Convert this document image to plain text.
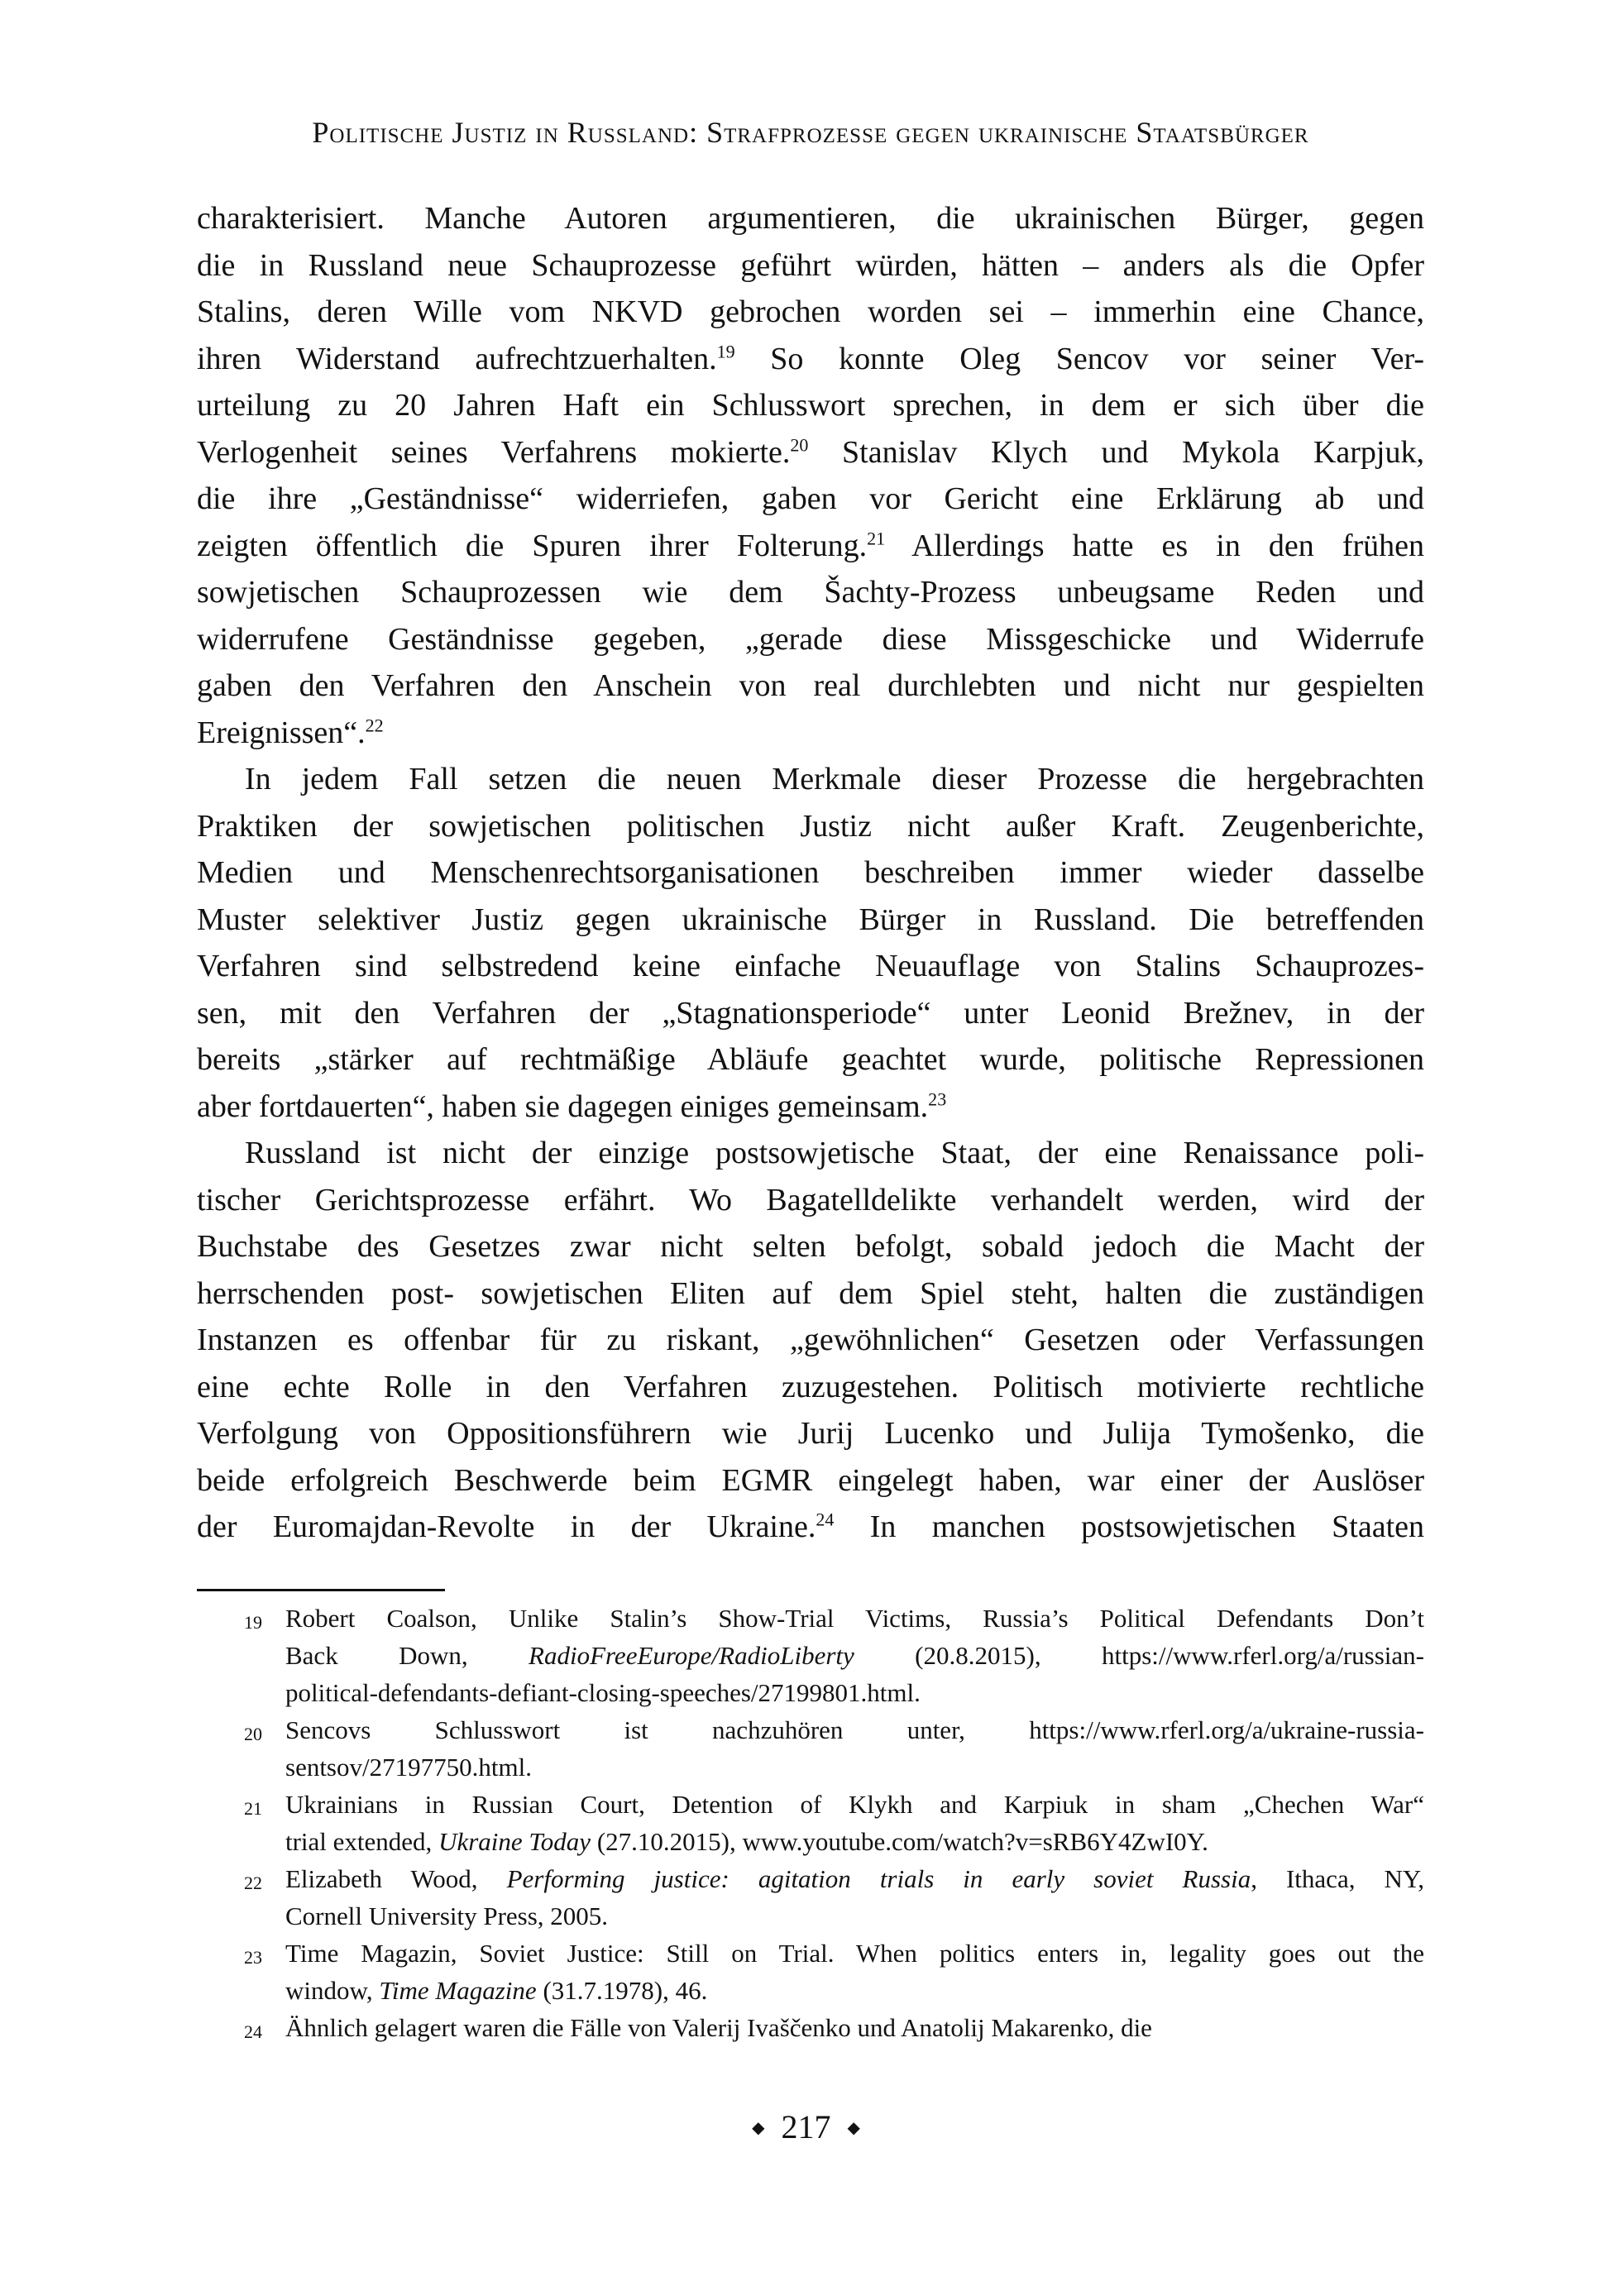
Politische Justiz in Russland: Strafprozesse gegen ukrainische Staatsbürger
charakterisiert. Manche Autoren argumentieren, die ukrainischen Bürger, gegen
die in Russland neue Schauprozesse geführt würden, hätten – anders als die Opfer
Stalins, deren Wille vom NKVD gebrochen worden sei – immerhin eine Chance,
ihren Widerstand aufrechtzuerhalten.$^{19}$ So konnte Oleg Sencov vor seiner Ver-
urteilung zu 20 Jahren Haft ein Schlusswort sprechen, in dem er sich über die
Verlogenheit seines Verfahrens mokierte.$^{20}$ Stanislav Klych und Mykola Karpjuk,
die ihre „Geständnisse“ widerriefen, gaben vor Gericht eine Erklärung ab und
zeigten öffentlich die Spuren ihrer Folterung.$^{21}$ Allerdings hatte es in den frühen
sowjetischen Schauprozessen wie dem Šachty-Prozess unbeugsame Reden und
widerrufene Geständnisse gegeben, „gerade diese Missgeschicke und Widerrufe
gaben den Verfahren den Anschein von real durchlebten und nicht nur gespielten
Ereignissen“.$^{22}$
In jedem Fall setzen die neuen Merkmale dieser Prozesse die hergebrachten
Praktiken der sowjetischen politischen Justiz nicht außer Kraft. Zeugenberichte,
Medien und Menschenrechtsorganisationen beschreiben immer wieder dasselbe
Muster selektiver Justiz gegen ukrainische Bürger in Russland. Die betreffenden
Verfahren sind selbstredend keine einfache Neuauflage von Stalins Schauprozes-
sen, mit den Verfahren der „Stagnationsperiode“ unter Leonid Brežnev, in der
bereits „stärker auf rechtmäßige Abläufe geachtet wurde, politische Repressionen
aber fortdauerten“, haben sie dagegen einiges gemeinsam.$^{23}$
Russland ist nicht der einzige postsowjetische Staat, der eine Renaissance poli-
tischer Gerichtsprozesse erfährt. Wo Bagatelldelikte verhandelt werden, wird der
Buchstabe des Gesetzes zwar nicht selten befolgt, sobald jedoch die Macht der
herrschenden post- sowjetischen Eliten auf dem Spiel steht, halten die zuständigen
Instanzen es offenbar für zu riskant, „gewöhnlichen“ Gesetzen oder Verfassungen
eine echte Rolle in den Verfahren zuzugestehen. Politisch motivierte rechtliche
Verfolgung von Oppositionsführern wie Jurij Lucenko und Julija Tymošenko, die
beide erfolgreich Beschwerde beim EGMR eingelegt haben, war einer der Auslöser
der Euromajdan-Revolte in der Ukraine.$^{24}$ In manchen postsowjetischen Staaten
19 Robert Coalson, Unlike Stalin’s Show-Trial Victims, Russia’s Political Defendants Don’t
Back Down, RadioFreeEurope/RadioLiberty (20.8.2015), https://www.rferl.org/a/russian-
political-defendants-defiant-closing-speeches/27199801.html.
20 Sencovs Schlusswort ist nachzuhören unter, https://www.rferl.org/a/ukraine-russia-
sentsov/27197750.html.
21 Ukrainians in Russian Court, Detention of Klykh and Karpiuk in sham „Chechen War“
trial extended, Ukraine Today (27.10.2015), www.youtube.com/watch?v=sRB6Y4ZwI0Y.
22 Elizabeth Wood, Performing justice: agitation trials in early soviet Russia, Ithaca, NY,
Cornell University Press, 2005.
23 Time Magazin, Soviet Justice: Still on Trial. When politics enters in, legality goes out the
window, Time Magazine (31.7.1978), 46.
24 Ähnlich gelagert waren die Fälle von Valerij Ivaščenko und Anatolij Makarenko, die
◆ 217 ◆
